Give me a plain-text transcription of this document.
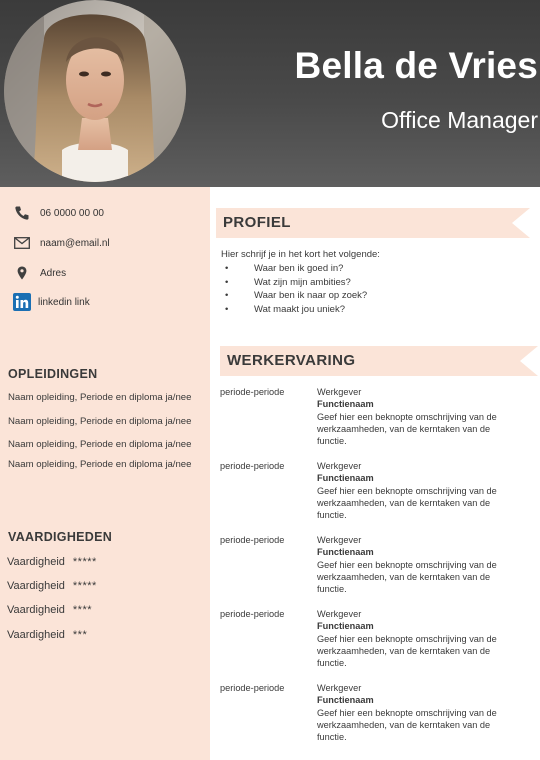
Bella de Vries
Office Manager
06 0000 00 00
naam@email.nl
Adres
linkedin link
OPLEIDINGEN
Naam opleiding, Periode en diploma ja/nee
Naam opleiding, Periode en diploma ja/nee
Naam opleiding, Periode en diploma ja/nee
Naam opleiding, Periode en diploma ja/nee
VAARDIGHEDEN
Vaardigheid *****
Vaardigheid *****
Vaardigheid ****
Vaardigheid ***
PROFIEL
Hier schrijf je in het kort het volgende:
•	Waar ben ik goed in?
•	Wat zijn mijn ambities?
•	Waar ben ik naar op zoek?
•	Wat maakt jou uniek?
WERKERVARING
periode-periode	Werkgever
Functienaam
Geef hier een beknopte omschrijving van de werkzaamheden, van de kerntaken van de functie.
periode-periode	Werkgever
Functienaam
Geef hier een beknopte omschrijving van de werkzaamheden, van de kerntaken van de functie.
periode-periode	Werkgever
Functienaam
Geef hier een beknopte omschrijving van de werkzaamheden, van de kerntaken van de functie.
periode-periode	Werkgever
Functienaam
Geef hier een beknopte omschrijving van de werkzaamheden, van de kerntaken van de functie.
periode-periode	Werkgever
Functienaam
Geef hier een beknopte omschrijving van de werkzaamheden, van de kerntaken van de functie.
